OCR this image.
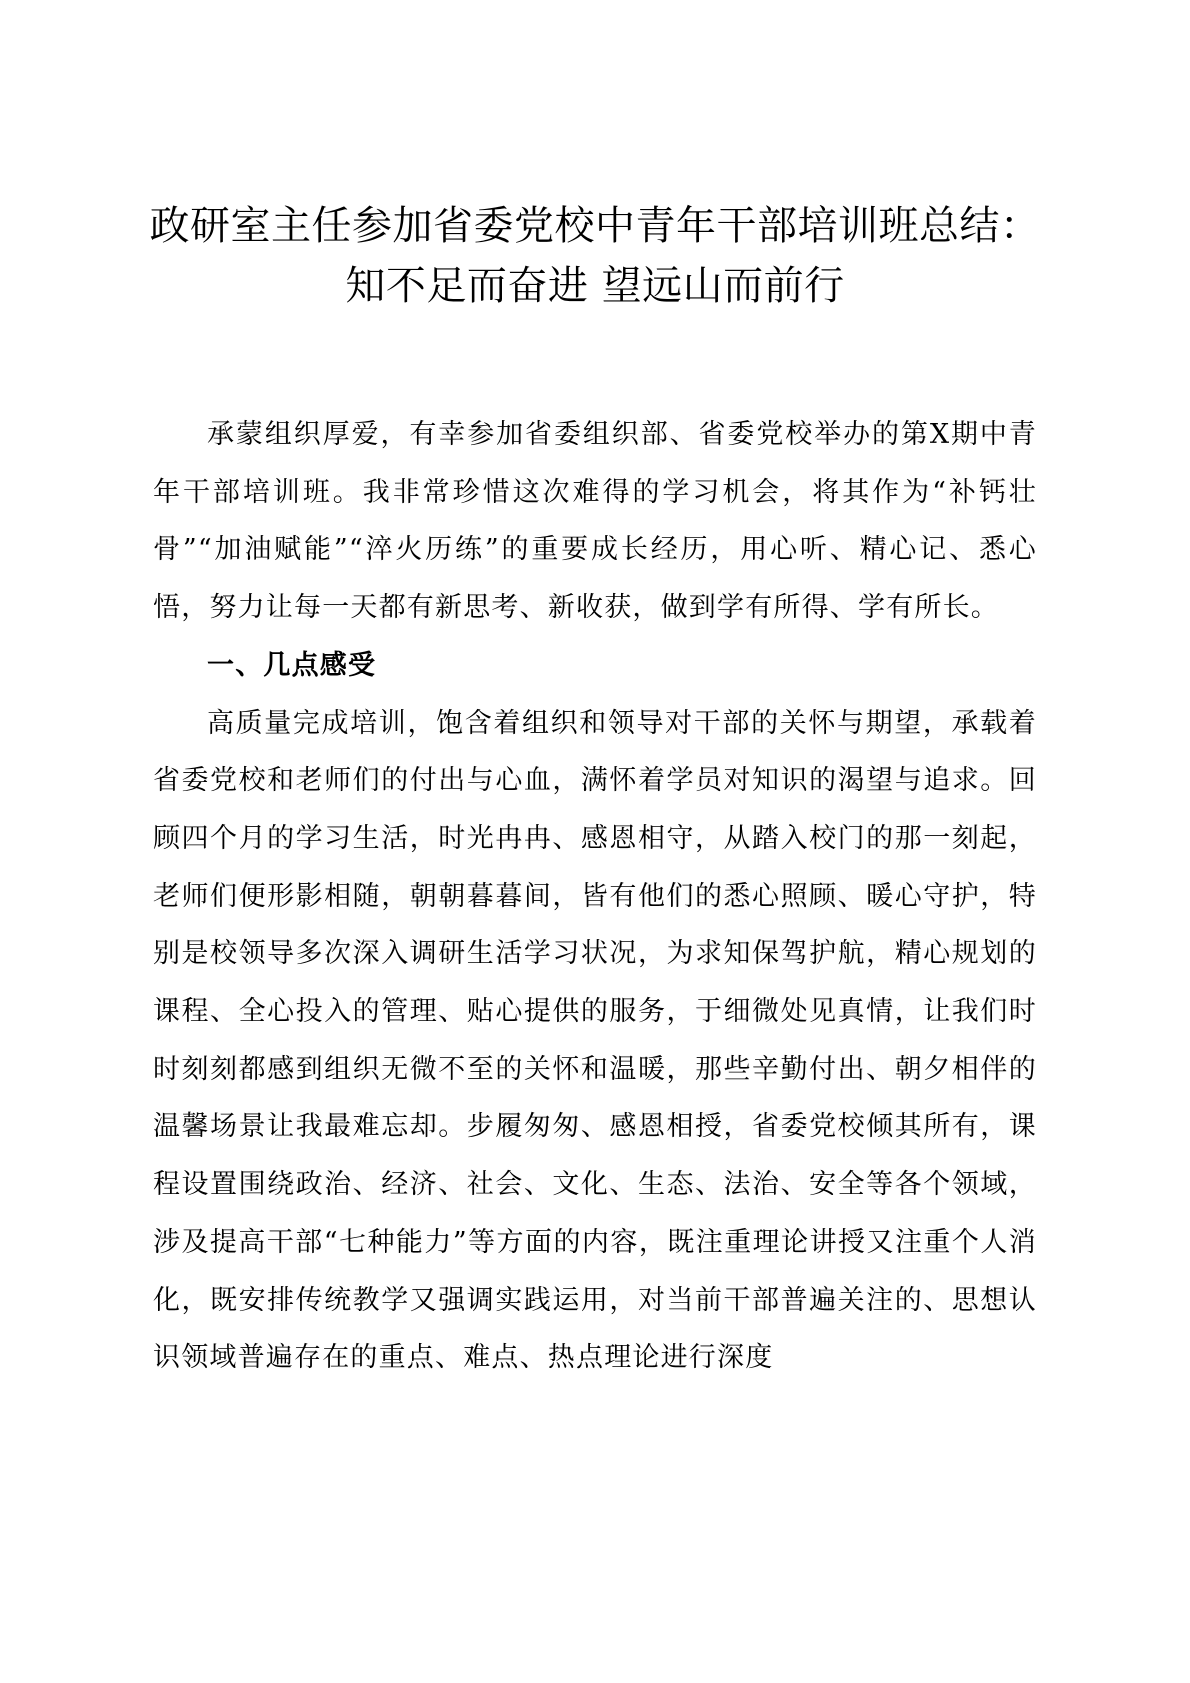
政研室主任参加省委党校中青年干部培训班总结：知不足而奋进 望远山而前行

承蒙组织厚爱，有幸参加省委组织部、省委党校举办的第X期中青年干部培训班。我非常珍惜这次难得的学习机会，将其作为“补钙壮骨”“加油赋能”“淬火历练”的重要成长经历，用心听、精心记、悉心悟，努力让每一天都有新思考、新收获，做到学有所得、学有所长。

一、几点感受

高质量完成培训，饱含着组织和领导对干部的关怀与期望，承载着省委党校和老师们的付出与心血，满怀着学员对知识的渴望与追求。回顾四个月的学习生活，时光冉冉、感恩相守，从踏入校门的那一刻起，老师们便形影相随，朝朝暮暮间，皆有他们的悉心照顾、暖心守护，特别是校领导多次深入调研生活学习状况，为求知保驾护航，精心规划的课程、全心投入的管理、贴心提供的服务，于细微处见真情，让我们时时刻刻都感到组织无微不至的关怀和温暖，那些辛勤付出、朝夕相伴的温馨场景让我最难忘却。步履匆匆、感恩相授，省委党校倾其所有，课程设置围绕政治、经济、社会、文化、生态、法治、安全等各个领域，涉及提高干部“七种能力”等方面的内容，既注重理论讲授又注重个人消化，既安排传统教学又强调实践运用，对当前干部普遍关注的、思想认识领域普遍存在的重点、难点、热点理论进行深度
